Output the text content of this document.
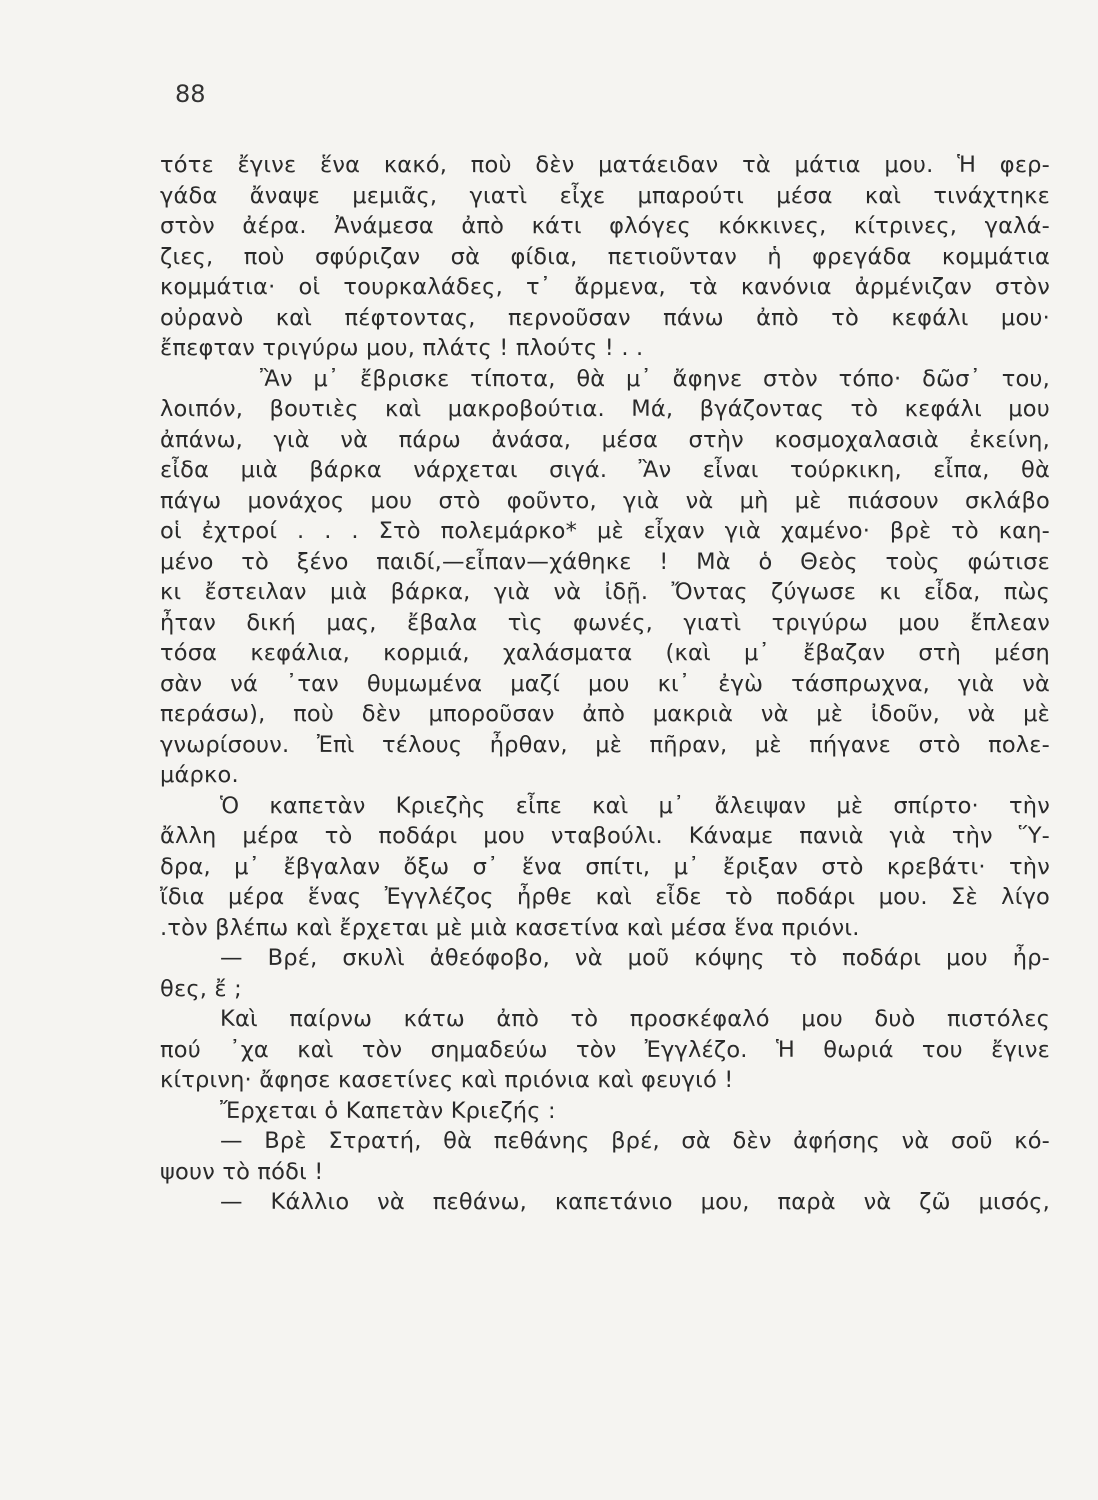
88
τότε ἔγινε ἕνα κακό, ποὺ δὲν ματάειδαν τὰ μάτια μου. Ἡ φερ-
γάδα ἄναψε μεμιᾶς, γιατὶ εἶχε μπαρούτι μέσα καὶ τινάχτηκε
στὸν ἀέρα. Ἀνάμεσα ἀπὸ κάτι φλόγες κόκκινες, κίτρινες, γαλά-
ζιες, ποὺ σφύριζαν σὰ φίδια, πετιοῦνταν ἡ φρεγάδα κομμάτια
κομμάτια· οἱ τουρκαλάδες, τ᾽ ἄρμενα, τὰ κανόνια ἀρμένιζαν στὸν
οὐρανὸ καὶ πέφτοντας, περνοῦσαν πάνω ἀπὸ τὸ κεφάλι μου·
ἔπεφταν τριγύρω μου, πλάτς ! πλούτς ! . .
Ἂν μ᾽ ἔβρισκε τίποτα, θὰ μ᾽ ἄφηνε στὸν τόπο· δῶσ᾽ του,
λοιπόν, βουτιὲς καὶ μακροβούτια. Μά, βγάζοντας τὸ κεφάλι μου
ἀπάνω, γιὰ νὰ πάρω ἀνάσα, μέσα στὴν κοσμοχαλασιὰ ἐκείνη,
εἶδα μιὰ βάρκα νάρχεται σιγά. Ἂν εἶναι τούρκικη, εἶπα, θὰ
πάγω μονάχος μου στὸ φοῦντο, γιὰ νὰ μὴ μὲ πιάσουν σκλάβο
οἱ ἐχτροί . . . Στὸ πολεμάρκο* μὲ εἶχαν γιὰ χαμένο· βρὲ τὸ καη-
μένο τὸ ξένο παιδί,—εἶπαν—χάθηκε ! Μὰ ὁ Θεὸς τοὺς φώτισε
κι ἔστειλαν μιὰ βάρκα, γιὰ νὰ ἰδῇ. Ὄντας ζύγωσε κι εἶδα, πὼς
ἦταν δική μας, ἔβαλα τὶς φωνές, γιατὶ τριγύρω μου ἔπλεαν
τόσα κεφάλια, κορμιά, χαλάσματα (καὶ μ᾽ ἔβαζαν στὴ μέση
σὰν νά ᾽ταν θυμωμένα μαζί μου κι᾽ ἐγὼ τάσπρωχνα, γιὰ νὰ
περάσω), ποὺ δὲν μποροῦσαν ἀπὸ μακριὰ νὰ μὲ ἰδοῦν, νὰ μὲ
γνωρίσουν. Ἐπὶ τέλους ἦρθαν, μὲ πῆραν, μὲ πήγανε στὸ πολε-
μάρκο.
Ὁ καπετὰν Κριεζὴς εἶπε καὶ μ᾽ ἄλειψαν μὲ σπίρτο· τὴν
ἄλλη μέρα τὸ ποδάρι μου νταβούλι. Κάναμε πανιὰ γιὰ τὴν Ὕ-
δρα, μ᾽ ἔβγαλαν ὄξω σ᾽ ἕνα σπίτι, μ᾽ ἔριξαν στὸ κρεβάτι· τὴν
ἴδια μέρα ἕνας Ἐγγλέζος ἦρθε καὶ εἶδε τὸ ποδάρι μου. Σὲ λίγο
.τὸν βλέπω καὶ ἔρχεται μὲ μιὰ κασετίνα καὶ μέσα ἕνα πριόνι.
— Βρέ, σκυλὶ ἀθεόφοβο, νὰ μοῦ κόψης τὸ ποδάρι μου ἦρ-
θες, ἔ ;
Καὶ παίρνω κάτω ἀπὸ τὸ προσκέφαλό μου δυὸ πιστόλες
πού ᾽χα καὶ τὸν σημαδεύω τὸν Ἐγγλέζο. Ἡ θωριά του ἔγινε
κίτρινη· ἄφησε κασετίνες καὶ πριόνια καὶ φευγιό !
Ἔρχεται ὁ Καπετὰν Κριεζής :
— Βρὲ Στρατή, θὰ πεθάνης βρέ, σὰ δὲν ἀφήσης νὰ σοῦ κό-
ψουν τὸ πόδι !
— Κάλλιο νὰ πεθάνω, καπετάνιο μου, παρὰ νὰ ζῶ μισός,
